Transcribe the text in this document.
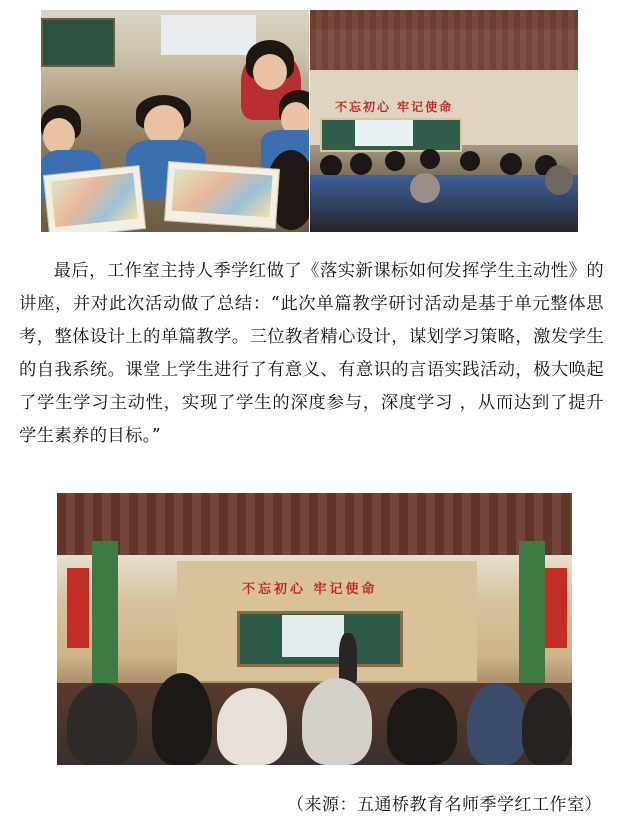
不忘初心 牢记使命
最后，工作室主持人季学红做了《落实新课标如何发挥学生主动性》的讲座，并对此次活动做了总结：“此次单篇教学研讨活动是基于单元整体思考，整体设计上的单篇教学。三位教者精心设计，谋划学习策略，激发学生的自我系统。课堂上学生进行了有意义、有意识的言语实践活动，极大唤起了学生学习主动性，实现了学生的深度参与，深度学习 ，从而达到了提升学生素养的目标。”
不忘初心 牢记使命
（来源：五通桥教育名师季学红工作室）
